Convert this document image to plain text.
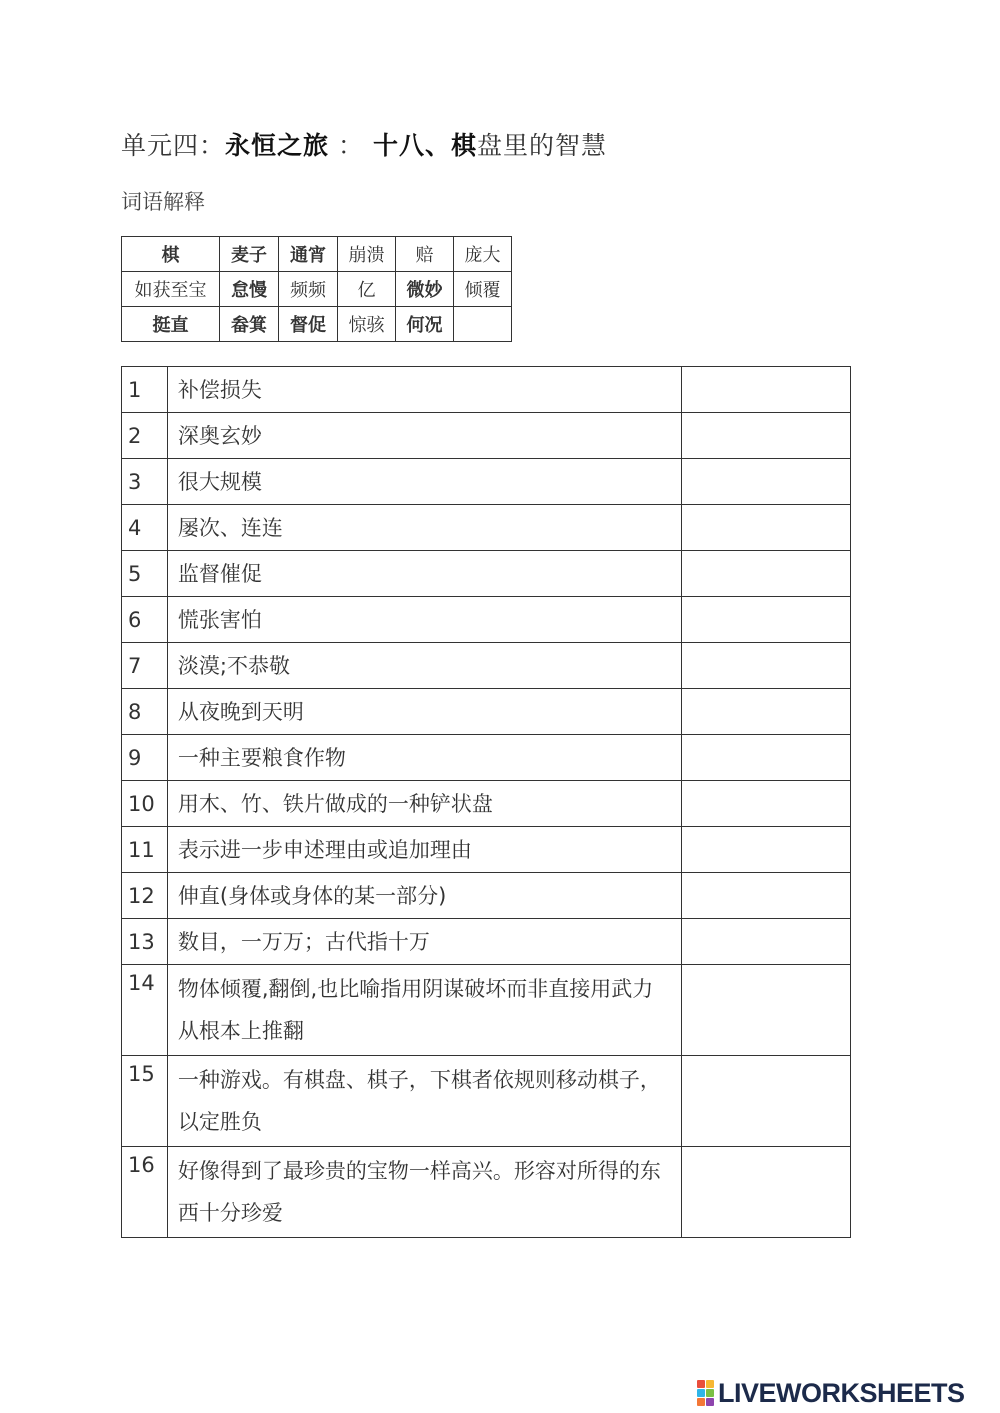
单元四：永恒之旅 ： 十八、棋盘里的智慧
词语解释
棋	麦子	通宵	崩溃	赔	庞大
如获至宝	怠慢	频频	亿	微妙	倾覆
挺直	畚箕	督促	惊骇	何况	
1	补偿损失	
2	深奥玄妙	
3	很大规模	
4	屡次、连连	
5	监督催促	
6	慌张害怕	
7	淡漠;不恭敬	
8	从夜晚到天明	
9	一种主要粮食作物	
10	用木、竹、铁片做成的一种铲状盘	
11	表示进一步申述理由或追加理由	
12	伸直(身体或身体的某一部分)	
13	数目，一万万；古代指十万	
14	物体倾覆,翻倒,也比喻指用阴谋破坏而非直接用武力从根本上推翻	
15	一种游戏。有棋盘、棋子，下棋者依规则移动棋子，以定胜负	
16	好像得到了最珍贵的宝物一样高兴。形容对所得的东西十分珍爱	
LIVEWORKSHEETS
